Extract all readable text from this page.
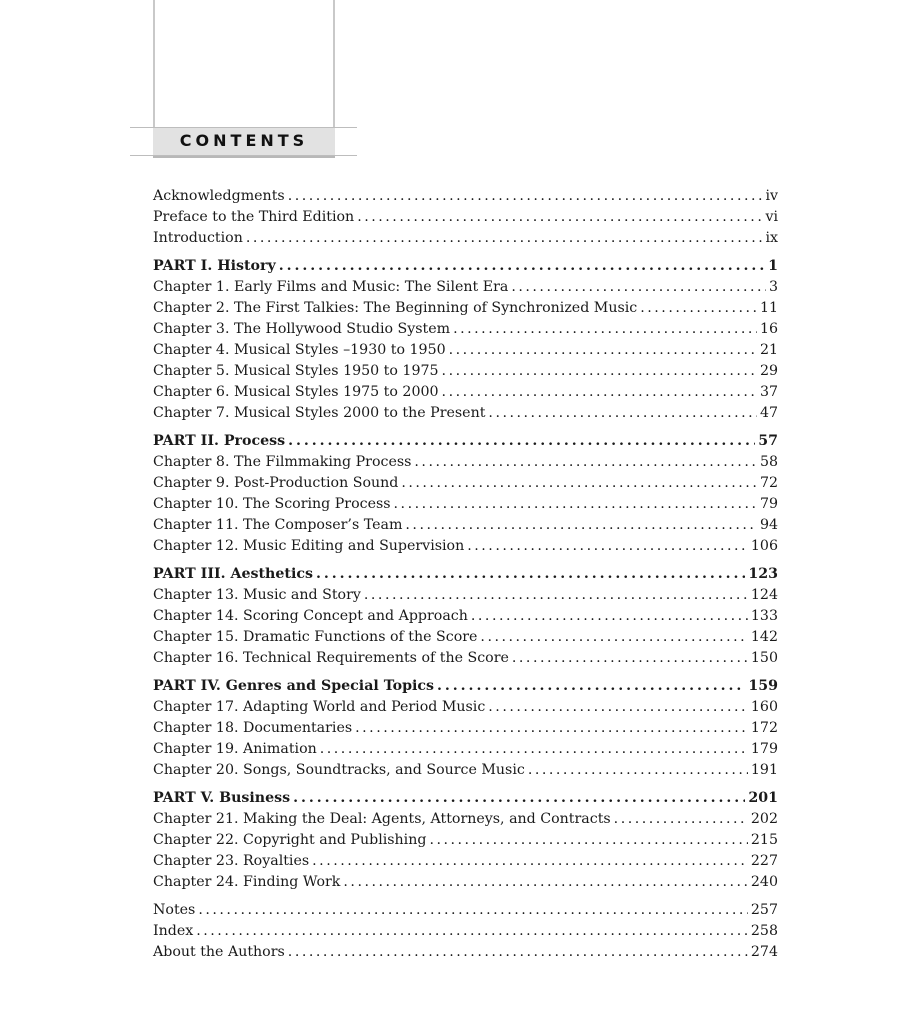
CONTENTS
Acknowledgments . . .	iv
Preface to the Third Edition . . .	vi
Introduction . . .	ix
PART I. History . . .	1
Chapter 1. Early Films and Music: The Silent Era . . .	3
Chapter 2. The First Talkies: The Beginning of Synchronized Music . . .	11
Chapter 3. The Hollywood Studio System . . .	16
Chapter 4. Musical Styles –1930 to 1950 . . .	21
Chapter 5. Musical Styles 1950 to 1975 . . .	29
Chapter 6. Musical Styles 1975 to 2000 . . .	37
Chapter 7. Musical Styles 2000 to the Present . . .	47
PART II. Process . . .	57
Chapter 8. The Filmmaking Process . . .	58
Chapter 9. Post-Production Sound . . .	72
Chapter 10. The Scoring Process . . .	79
Chapter 11. The Composer’s Team . . .	94
Chapter 12. Music Editing and Supervision . . .	106
PART III. Aesthetics . . .	123
Chapter 13. Music and Story . . .	124
Chapter 14. Scoring Concept and Approach . . .	133
Chapter 15. Dramatic Functions of the Score . . .	142
Chapter 16. Technical Requirements of the Score . . .	150
PART IV. Genres and Special Topics . . .	159
Chapter 17. Adapting World and Period Music . . .	160
Chapter 18. Documentaries . . .	172
Chapter 19. Animation . . .	179
Chapter 20. Songs, Soundtracks, and Source Music . . .	191
PART V. Business . . .	201
Chapter 21. Making the Deal: Agents, Attorneys, and Contracts . . .	202
Chapter 22. Copyright and Publishing . . .	215
Chapter 23. Royalties . . .	227
Chapter 24. Finding Work . . .	240
Notes . . .	257
Index . . .	258
About the Authors . . .	274
